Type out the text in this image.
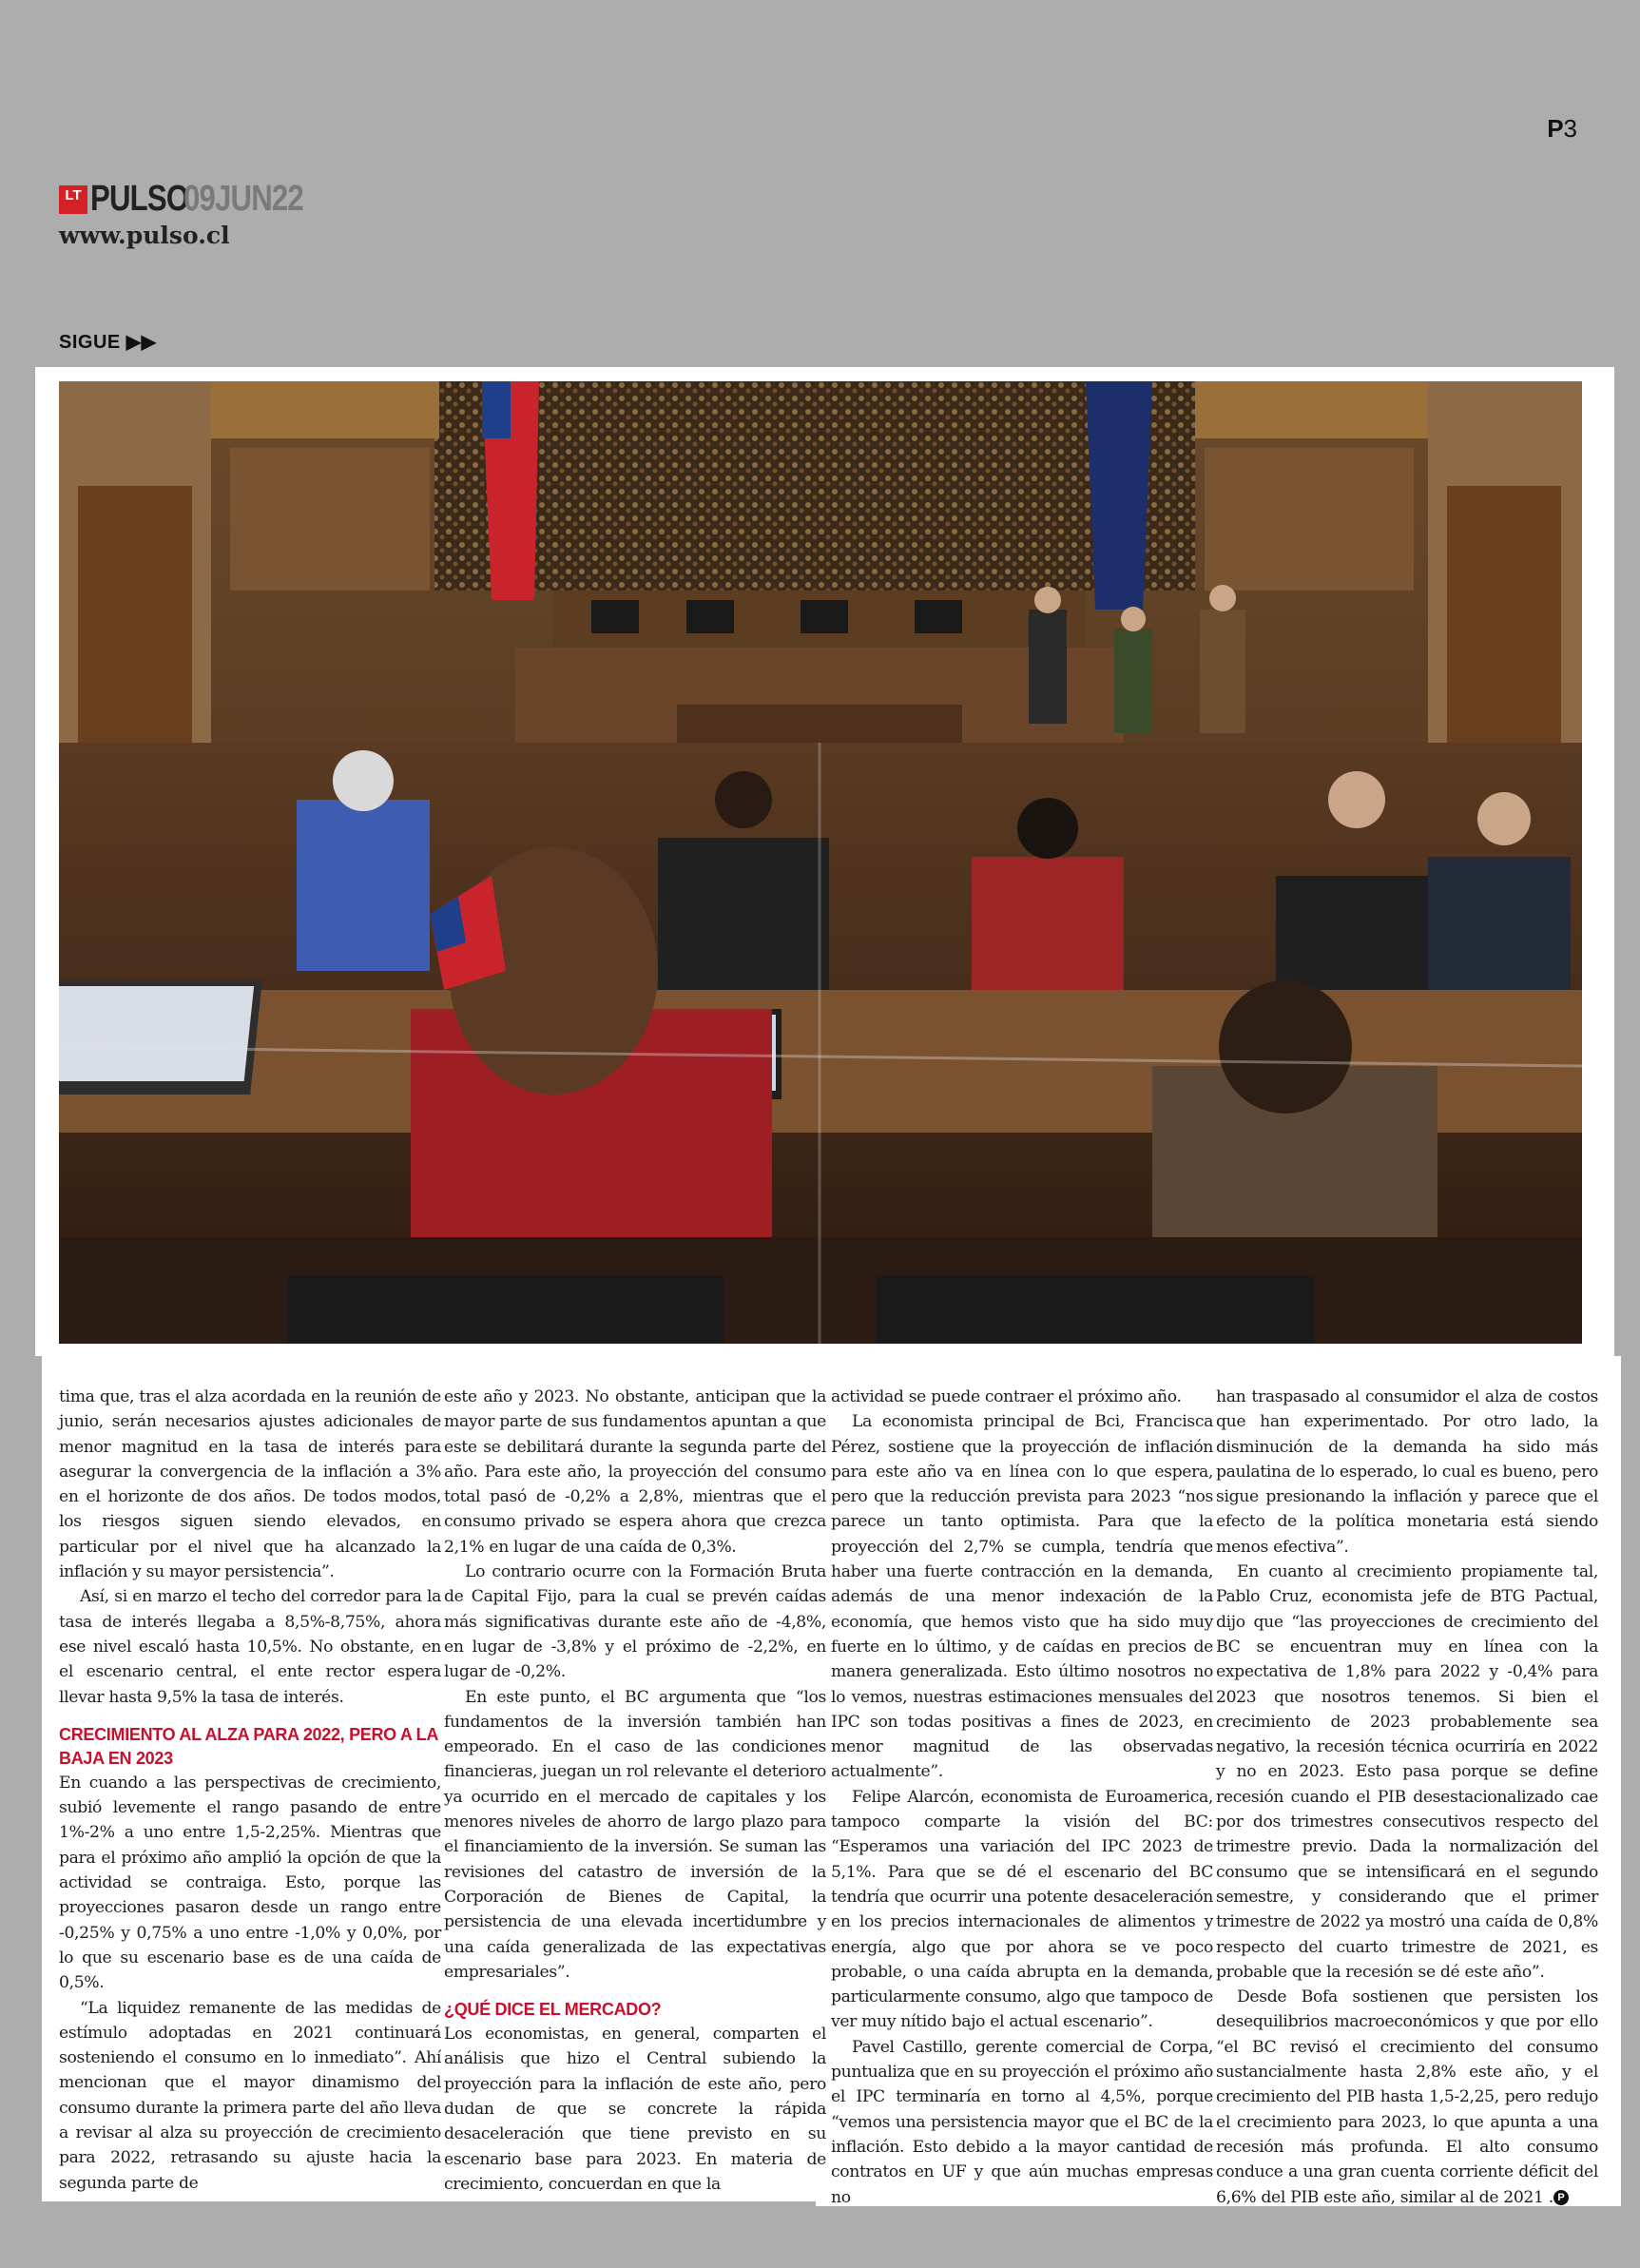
P3
LT PULSO
09JUN22
www.pulso.cl
SIGUE ▶▶

tima que, tras el alza acordada en la reunión de junio, serán necesarios ajustes adicionales de menor magnitud en la tasa de interés para asegurar la convergencia de la inflación a 3% en el horizonte de dos años. De todos modos, los riesgos siguen siendo elevados, en particular por el nivel que ha alcanzado la inflación y su mayor persistencia”.

Así, si en marzo el techo del corredor para la tasa de interés llegaba a 8,5%-8,75%, ahora ese nivel escaló hasta 10,5%. No obstante, en el escenario central, el ente rector espera llevar hasta 9,5% la tasa de interés.

CRECIMIENTO AL ALZA PARA 2022, PERO A LA BAJA EN 2023

En cuando a las perspectivas de crecimiento, subió levemente el rango pasando de entre 1%-2% a uno entre 1,5-2,25%. Mientras que para el próximo año amplió la opción de que la actividad se contraiga. Esto, porque las proyecciones pasaron desde un rango entre -0,25% y 0,75% a uno entre -1,0% y 0,0%, por lo que su escenario base es de una caída de 0,5%.

“La liquidez remanente de las medidas de estímulo adoptadas en 2021 continuará sosteniendo el consumo en lo inmediato”. Ahí mencionan que el mayor dinamismo del consumo durante la primera parte del año lleva a revisar al alza su proyección de crecimiento para 2022, retrasando su ajuste hacia la segunda parte de

este año y 2023. No obstante, anticipan que la mayor parte de sus fundamentos apuntan a que este se debilitará durante la segunda parte del año. Para este año, la proyección del consumo total pasó de -0,2% a 2,8%, mientras que el consumo privado se espera ahora que crezca 2,1% en lugar de una caída de 0,3%.

Lo contrario ocurre con la Formación Bruta de Capital Fijo, para la cual se prevén caídas más significativas durante este año de -4,8%, en lugar de -3,8% y el próximo de -2,2%, en lugar de -0,2%.

En este punto, el BC argumenta que “los fundamentos de la inversión también han empeorado. En el caso de las condiciones financieras, juegan un rol relevante el deterioro ya ocurrido en el mercado de capitales y los menores niveles de ahorro de largo plazo para el financiamiento de la inversión. Se suman las revisiones del catastro de inversión de la Corporación de Bienes de Capital, la persistencia de una elevada incertidumbre y una caída generalizada de las expectativas empresariales”.

¿QUÉ DICE EL MERCADO?

Los economistas, en general, comparten el análisis que hizo el Central subiendo la proyección para la inflación de este año, pero dudan de que se concrete la rápida desaceleración que tiene previsto en su escenario base para 2023. En materia de crecimiento, concuerdan en que la

actividad se puede contraer el próximo año.

La economista principal de Bci, Francisca Pérez, sostiene que la proyección de inflación para este año va en línea con lo que espera, pero que la reducción prevista para 2023 “nos parece un tanto optimista. Para que la proyección del 2,7% se cumpla, tendría que haber una fuerte contracción en la demanda, además de una menor indexación de la economía, que hemos visto que ha sido muy fuerte en lo último, y de caídas en precios de manera generalizada. Esto último nosotros no lo vemos, nuestras estimaciones mensuales del IPC son todas positivas a fines de 2023, en menor magnitud de las observadas actualmente”.

Felipe Alarcón, economista de Euroamerica, tampoco comparte la visión del BC: “Esperamos una variación del IPC 2023 de 5,1%. Para que se dé el escenario del BC tendría que ocurrir una potente desaceleración en los precios internacionales de alimentos y energía, algo que por ahora se ve poco probable, o una caída abrupta en la demanda, particularmente consumo, algo que tampoco de ver muy nítido bajo el actual escenario”.

Pavel Castillo, gerente comercial de Corpa, puntualiza que en su proyección el próximo año el IPC terminaría en torno al 4,5%, porque “vemos una persistencia mayor que el BC de la inflación. Esto debido a la mayor cantidad de contratos en UF y que aún muchas empresas no

han traspasado al consumidor el alza de costos que han experimentado. Por otro lado, la disminución de la demanda ha sido más paulatina de lo esperado, lo cual es bueno, pero sigue presionando la inflación y parece que el efecto de la política monetaria está siendo menos efectiva”.

En cuanto al crecimiento propiamente tal, Pablo Cruz, economista jefe de BTG Pactual, dijo que “las proyecciones de crecimiento del BC se encuentran muy en línea con la expectativa de 1,8% para 2022 y -0,4% para 2023 que nosotros tenemos. Si bien el crecimiento de 2023 probablemente sea negativo, la recesión técnica ocurriría en 2022 y no en 2023. Esto pasa porque se define recesión cuando el PIB desestacionalizado cae por dos trimestres consecutivos respecto del trimestre previo. Dada la normalización del consumo que se intensificará en el segundo semestre, y considerando que el primer trimestre de 2022 ya mostró una caída de 0,8% respecto del cuarto trimestre de 2021, es probable que la recesión se dé este año”.

Desde Bofa sostienen que persisten los desequilibrios macroeconómicos y que por ello “el BC revisó el crecimiento del consumo sustancialmente hasta 2,8% este año, y el crecimiento del PIB hasta 1,5-2,25, pero redujo el crecimiento para 2023, lo que apunta a una recesión más profunda. El alto consumo conduce a una gran cuenta corriente déficit del 6,6% del PIB este año, similar al de 2021 . P
